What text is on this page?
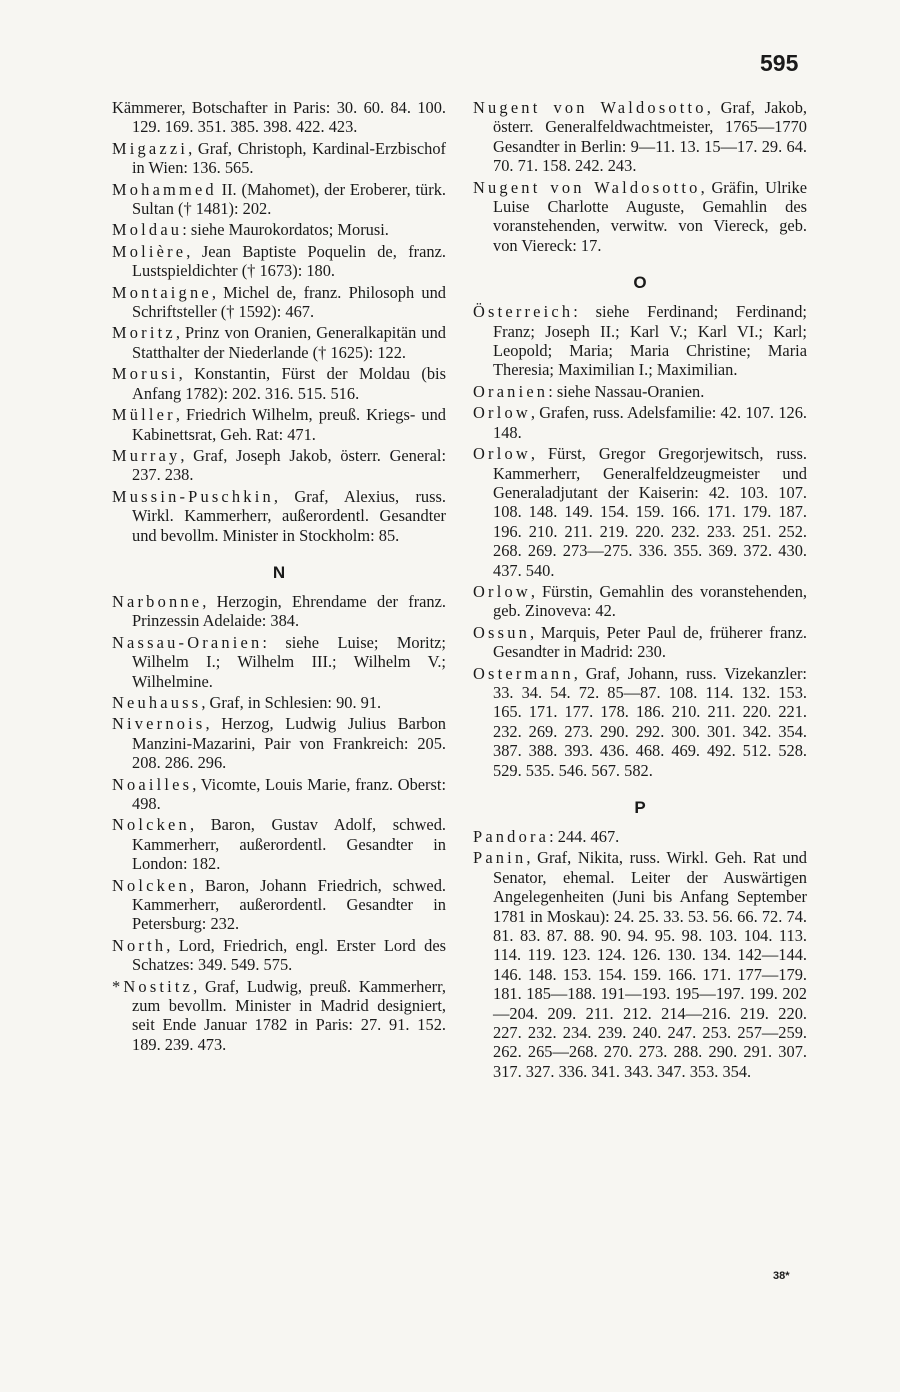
595
Kämmerer, Botschafter in Paris: 30. 60. 84. 100. 129. 169. 351. 385. 398. 422. 423.
Migazzi, Graf, Christoph, Kardinal-Erzbischof in Wien: 136. 565.
Mohammed II. (Mahomet), der Eroberer, türk. Sultan († 1481): 202.
Moldau: siehe Maurokordatos; Morusi.
Molière, Jean Baptiste Poquelin de, franz. Lustspieldichter († 1673): 180.
Montaigne, Michel de, franz. Philosoph und Schriftsteller († 1592): 467.
Moritz, Prinz von Oranien, Generalkapitän und Statthalter der Niederlande († 1625): 122.
Morusi, Konstantin, Fürst der Moldau (bis Anfang 1782): 202. 316. 515. 516.
Müller, Friedrich Wilhelm, preuß. Kriegs- und Kabinettsrat, Geh. Rat: 471.
Murray, Graf, Joseph Jakob, österr. General: 237. 238.
Mussin-Puschkin, Graf, Alexius, russ. Wirkl. Kammerherr, außerordentl. Gesandter und bevollm. Minister in Stockholm: 85.
N
Narbonne, Herzogin, Ehrendame der franz. Prinzessin Adelaide: 384.
Nassau-Oranien: siehe Luise; Moritz; Wilhelm I.; Wilhelm III.; Wilhelm V.; Wilhelmine.
Neuhauss, Graf, in Schlesien: 90. 91.
Nivernois, Herzog, Ludwig Julius Barbon Manzini-Mazarini, Pair von Frankreich: 205. 208. 286. 296.
Noailles, Vicomte, Louis Marie, franz. Oberst: 498.
Nolcken, Baron, Gustav Adolf, schwed. Kammerherr, außerordentl. Gesandter in London: 182.
Nolcken, Baron, Johann Friedrich, schwed. Kammerherr, außerordentl. Gesandter in Petersburg: 232.
North, Lord, Friedrich, engl. Erster Lord des Schatzes: 349. 549. 575.
*Nostitz, Graf, Ludwig, preuß. Kammerherr, zum bevollm. Minister in Madrid designiert, seit Ende Januar 1782 in Paris: 27. 91. 152. 189. 239. 473.
Nugent von Waldosotto, Graf, Jakob, österr. Generalfeldwachtmeister, 1765—1770 Gesandter in Berlin: 9—11. 13. 15—17. 29. 64. 70. 71. 158. 242. 243.
Nugent von Waldosotto, Gräfin, Ulrike Luise Charlotte Auguste, Gemahlin des voranstehenden, verwitw. von Viereck, geb. von Viereck: 17.
O
Österreich: siehe Ferdinand; Ferdinand; Franz; Joseph II.; Karl V.; Karl VI.; Karl; Leopold; Maria; Maria Christine; Maria Theresia; Maximilian I.; Maximilian.
Oranien: siehe Nassau-Oranien.
Orlow, Grafen, russ. Adelsfamilie: 42. 107. 126. 148.
Orlow, Fürst, Gregor Gregorjewitsch, russ. Kammerherr, Generalfeldzeugmeister und Generaladjutant der Kaiserin: 42. 103. 107. 108. 148. 149. 154. 159. 166. 171. 179. 187. 196. 210. 211. 219. 220. 232. 233. 251. 252. 268. 269. 273—275. 336. 355. 369. 372. 430. 437. 540.
Orlow, Fürstin, Gemahlin des voranstehenden, geb. Zinoveva: 42.
Ossun, Marquis, Peter Paul de, früherer franz. Gesandter in Madrid: 230.
Ostermann, Graf, Johann, russ. Vizekanzler: 33. 34. 54. 72. 85—87. 108. 114. 132. 153. 165. 171. 177. 178. 186. 210. 211. 220. 221. 232. 269. 273. 290. 292. 300. 301. 342. 354. 387. 388. 393. 436. 468. 469. 492. 512. 528. 529. 535. 546. 567. 582.
P
Pandora: 244. 467.
Panin, Graf, Nikita, russ. Wirkl. Geh. Rat und Senator, ehemal. Leiter der Auswärtigen Angelegenheiten (Juni bis Anfang September 1781 in Moskau): 24. 25. 33. 53. 56. 66. 72. 74. 81. 83. 87. 88. 90. 94. 95. 98. 103. 104. 113. 114. 119. 123. 124. 126. 130. 134. 142—144. 146. 148. 153. 154. 159. 166. 171. 177—179. 181. 185—188. 191—193. 195—197. 199. 202—204. 209. 211. 212. 214—216. 219. 220. 227. 232. 234. 239. 240. 247. 253. 257—259. 262. 265—268. 270. 273. 288. 290. 291. 307. 317. 327. 336. 341. 343. 347. 353. 354.
38*
